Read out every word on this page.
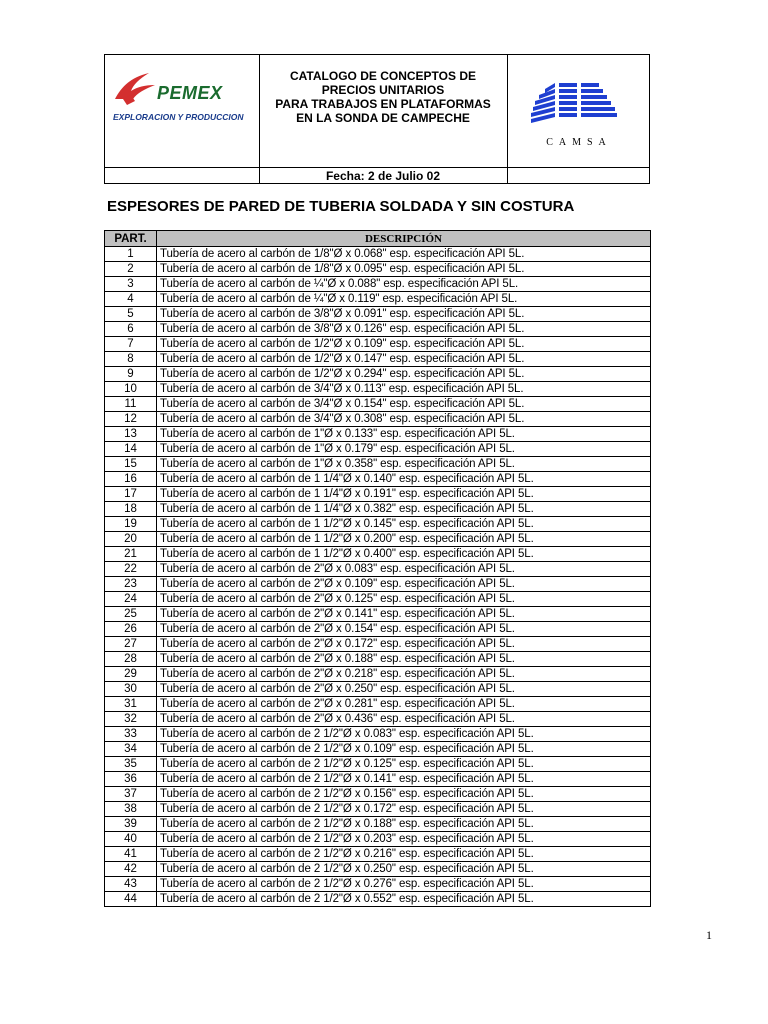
PEMEX
EXPLORACION Y PRODUCCION
CATALOGO DE CONCEPTOS DE
PRECIOS UNITARIOS
PARA TRABAJOS EN PLATAFORMAS
EN LA SONDA DE CAMPECHE
CAMSA
Fecha: 2 de Julio 02
ESPESORES DE PARED DE TUBERIA SOLDADA Y SIN COSTURA
PART.	DESCRIPCIÓN
1	Tubería de acero al carbón de 1/8"Ø x 0.068" esp. especificación API 5L.
2	Tubería de acero al carbón de 1/8"Ø x 0.095" esp. especificación API 5L.
3	Tubería de acero al carbón de ¼"Ø x 0.088" esp. especificación API 5L.
4	Tubería de acero al carbón de ¼"Ø x 0.119" esp. especificación API 5L.
5	Tubería de acero al carbón de 3/8"Ø x 0.091" esp. especificación API 5L.
6	Tubería de acero al carbón de 3/8"Ø x 0.126" esp. especificación API 5L.
7	Tubería de acero al carbón de 1/2"Ø x 0.109" esp. especificación API 5L.
8	Tubería de acero al carbón de 1/2"Ø x 0.147" esp. especificación API 5L.
9	Tubería de acero al carbón de 1/2"Ø x 0.294" esp. especificación API 5L.
10	Tubería de acero al carbón de 3/4"Ø x 0.113" esp. especificación API 5L.
11	Tubería de acero al carbón de 3/4"Ø x 0.154" esp. especificación API 5L.
12	Tubería de acero al carbón de 3/4"Ø x 0.308" esp. especificación API 5L.
13	Tubería de acero al carbón de 1"Ø x 0.133" esp. especificación API 5L.
14	Tubería de acero al carbón de 1"Ø x 0.179" esp. especificación API 5L.
15	Tubería de acero al carbón de 1"Ø x 0.358" esp. especificación API 5L.
16	Tubería de acero al carbón de 1 1/4"Ø x 0.140" esp. especificación API 5L.
17	Tubería de acero al carbón de 1 1/4"Ø x 0.191" esp. especificación API 5L.
18	Tubería de acero al carbón de 1 1/4"Ø x 0.382" esp. especificación API 5L.
19	Tubería de acero al carbón de 1 1/2"Ø x 0.145" esp. especificación API 5L.
20	Tubería de acero al carbón de 1 1/2"Ø x 0.200" esp. especificación API 5L.
21	Tubería de acero al carbón de 1 1/2"Ø x 0.400" esp. especificación API 5L.
22	Tubería de acero al carbón de 2"Ø x 0.083" esp. especificación API 5L.
23	Tubería de acero al carbón de 2"Ø x 0.109" esp. especificación API 5L.
24	Tubería de acero al carbón de 2"Ø x 0.125" esp. especificación API 5L.
25	Tubería de acero al carbón de 2"Ø x 0.141" esp. especificación API 5L.
26	Tubería de acero al carbón de 2"Ø x 0.154" esp. especificación API 5L.
27	Tubería de acero al carbón de 2"Ø x 0.172" esp. especificación API 5L.
28	Tubería de acero al carbón de 2"Ø x 0.188" esp. especificación API 5L.
29	Tubería de acero al carbón de 2"Ø x 0.218" esp. especificación API 5L.
30	Tubería de acero al carbón de 2"Ø x 0.250" esp. especificación API 5L.
31	Tubería de acero al carbón de 2"Ø x 0.281" esp. especificación API 5L.
32	Tubería de acero al carbón de 2"Ø x 0.436" esp. especificación API 5L.
33	Tubería de acero al carbón de 2 1/2"Ø x 0.083" esp. especificación API 5L.
34	Tubería de acero al carbón de 2 1/2"Ø x 0.109" esp. especificación API 5L.
35	Tubería de acero al carbón de 2 1/2"Ø x 0.125" esp. especificación API 5L.
36	Tubería de acero al carbón de 2 1/2"Ø x 0.141" esp. especificación API 5L.
37	Tubería de acero al carbón de 2 1/2"Ø x 0.156" esp. especificación API 5L.
38	Tubería de acero al carbón de 2 1/2"Ø x 0.172" esp. especificación API 5L.
39	Tubería de acero al carbón de 2 1/2"Ø x 0.188" esp. especificación API 5L.
40	Tubería de acero al carbón de 2 1/2"Ø x 0.203" esp. especificación API 5L.
41	Tubería de acero al carbón de 2 1/2"Ø x 0.216" esp. especificación API 5L.
42	Tubería de acero al carbón de 2 1/2"Ø x 0.250" esp. especificación API 5L.
43	Tubería de acero al carbón de 2 1/2"Ø x 0.276" esp. especificación API 5L.
44	Tubería de acero al carbón de 2 1/2"Ø x 0.552" esp. especificación API 5L.
1
